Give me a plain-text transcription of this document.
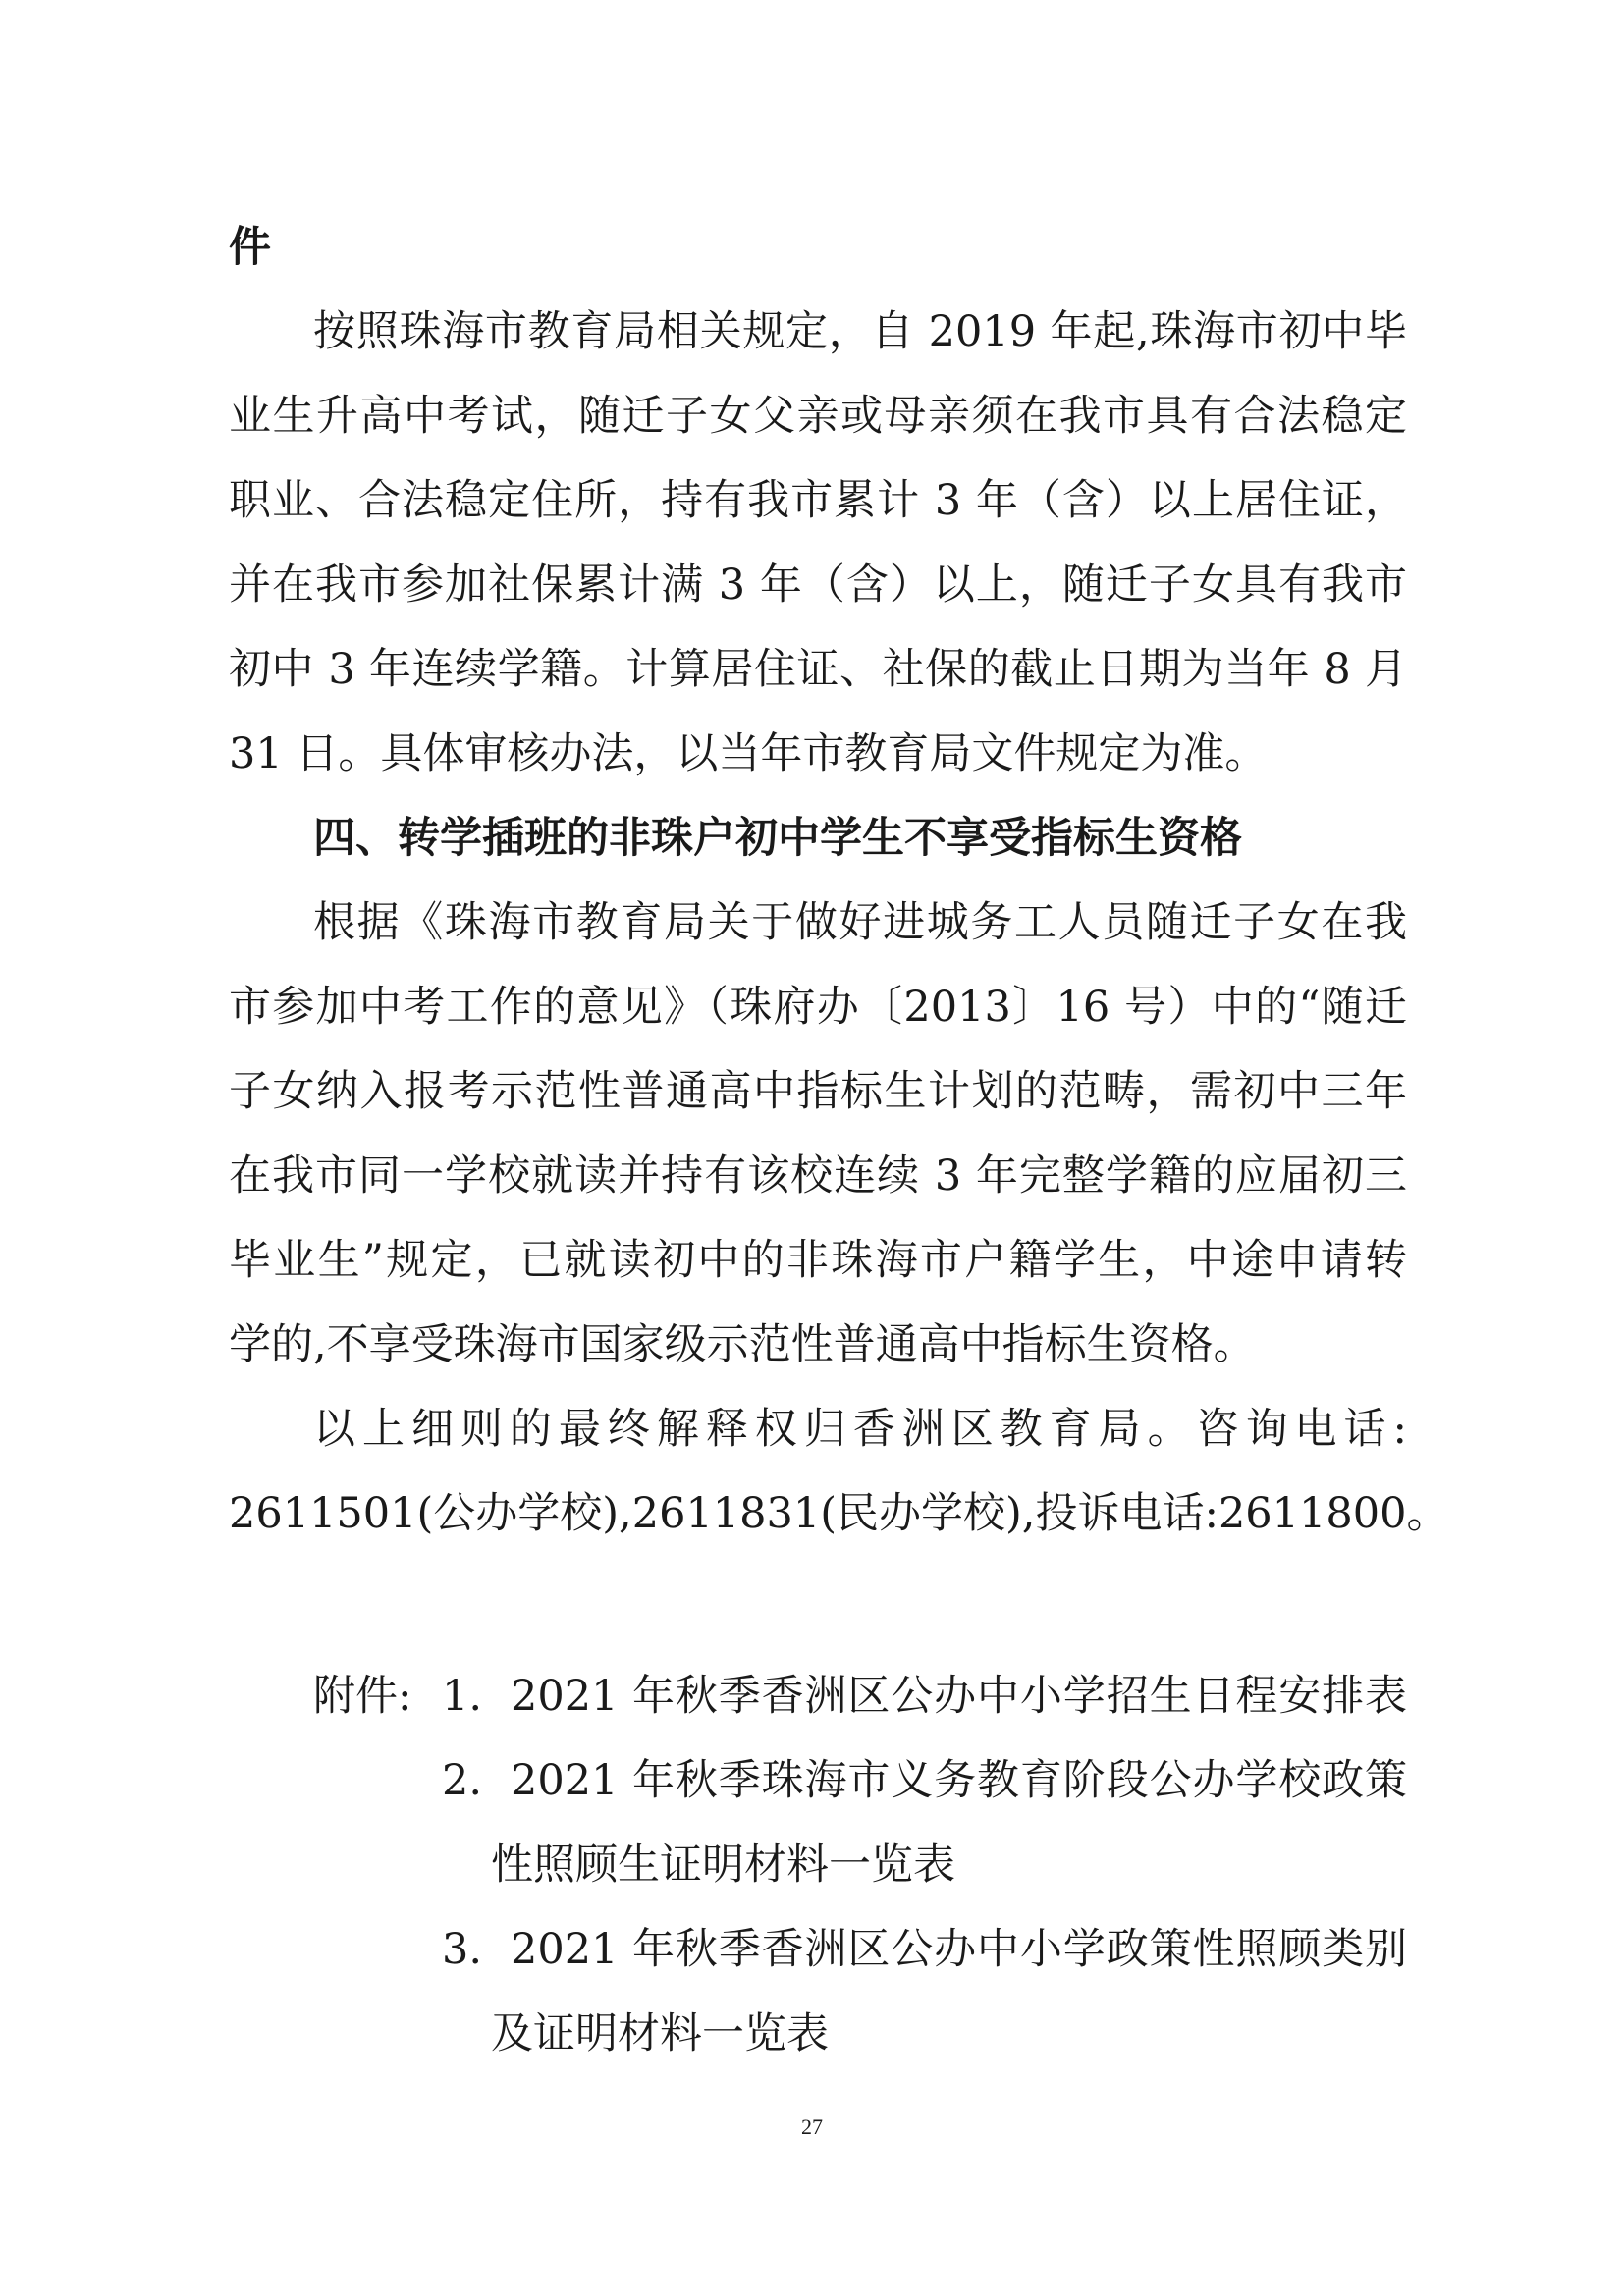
件
按照珠海市教育局相关规定，自 2019 年起,珠海市初中毕
业生升高中考试，随迁子女父亲或母亲须在我市具有合法稳定
职业、合法稳定住所，持有我市累计 3 年（含）以上居住证，
并在我市参加社保累计满 3 年（含）以上，随迁子女具有我市
初中 3 年连续学籍。计算居住证、社保的截止日期为当年 8 月
31 日。具体审核办法，以当年市教育局文件规定为准。
四、转学插班的非珠户初中学生不享受指标生资格
根据《珠海市教育局关于做好进城务工人员随迁子女在我
市参加中考工作的意见》（珠府办〔2013〕16 号）中的“随迁
子女纳入报考示范性普通高中指标生计划的范畴，需初中三年
在我市同一学校就读并持有该校连续 3 年完整学籍的应届初三
毕业生”规定，已就读初中的非珠海市户籍学生，中途申请转
学的,不享受珠海市国家级示范性普通高中指标生资格。
以上细则的最终解释权归香洲区教育局。咨询电话:
2611501(公办学校),2611831(民办学校),投诉电话:2611800。
附件: 1. 2021 年秋季香洲区公办中小学招生日程安排表
2. 2021 年秋季珠海市义务教育阶段公办学校政策
性照顾生证明材料一览表
3. 2021 年秋季香洲区公办中小学政策性照顾类别
及证明材料一览表
27
